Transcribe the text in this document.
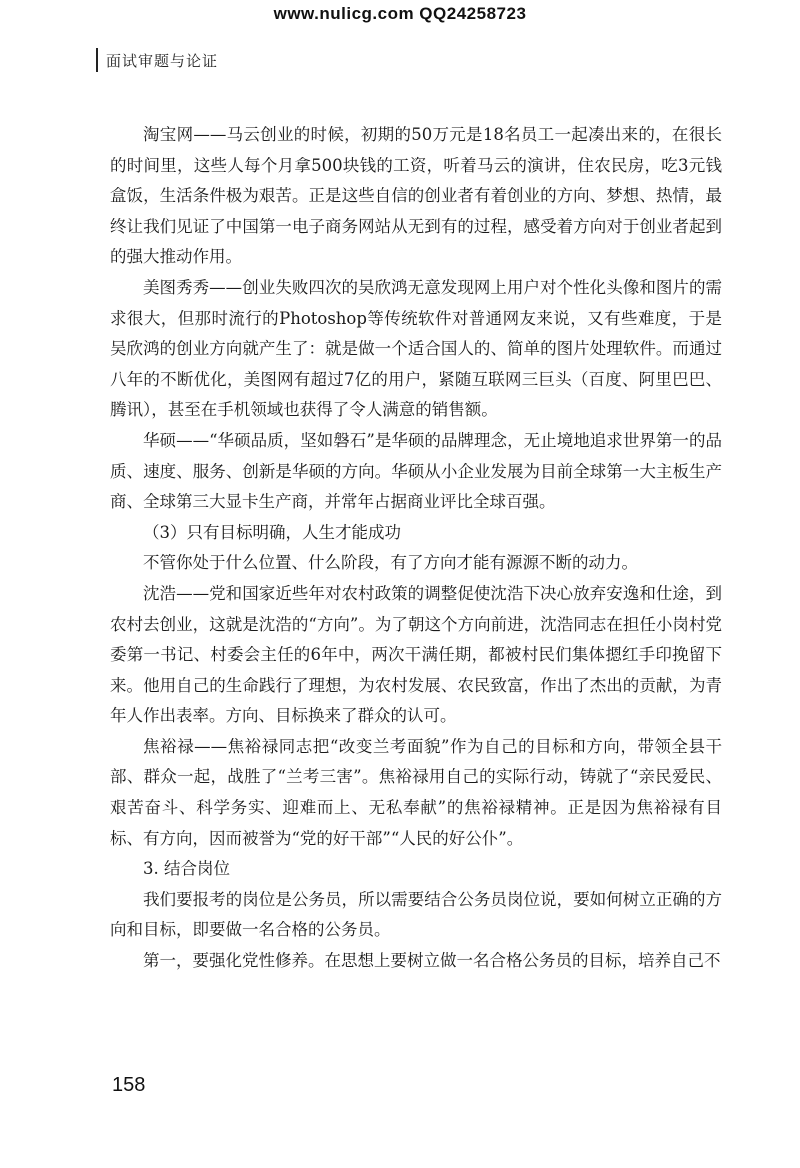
www.nulicg.com QQ24258723
面试审题与论证

淘宝网——马云创业的时候，初期的50万元是18名员工一起凑出来的，在很长的时间里，这些人每个月拿500块钱的工资，听着马云的演讲，住农民房，吃3元钱盒饭，生活条件极为艰苦。正是这些自信的创业者有着创业的方向、梦想、热情，最终让我们见证了中国第一电子商务网站从无到有的过程，感受着方向对于创业者起到的强大推动作用。

美图秀秀——创业失败四次的吴欣鸿无意发现网上用户对个性化头像和图片的需求很大，但那时流行的Photoshop等传统软件对普通网友来说，又有些难度，于是吴欣鸿的创业方向就产生了：就是做一个适合国人的、简单的图片处理软件。而通过八年的不断优化，美图网有超过7亿的用户，紧随互联网三巨头（百度、阿里巴巴、腾讯），甚至在手机领域也获得了令人满意的销售额。

华硕——“华硕品质，坚如磐石”是华硕的品牌理念，无止境地追求世界第一的品质、速度、服务、创新是华硕的方向。华硕从小企业发展为目前全球第一大主板生产商、全球第三大显卡生产商，并常年占据商业评比全球百强。

（3）只有目标明确，人生才能成功

不管你处于什么位置、什么阶段，有了方向才能有源源不断的动力。

沈浩——党和国家近些年对农村政策的调整促使沈浩下决心放弃安逸和仕途，到农村去创业，这就是沈浩的“方向”。为了朝这个方向前进，沈浩同志在担任小岗村党委第一书记、村委会主任的6年中，两次干满任期，都被村民们集体摁红手印挽留下来。他用自己的生命践行了理想，为农村发展、农民致富，作出了杰出的贡献，为青年人作出表率。方向、目标换来了群众的认可。

焦裕禄——焦裕禄同志把“改变兰考面貌”作为自己的目标和方向，带领全县干部、群众一起，战胜了“兰考三害”。焦裕禄用自己的实际行动，铸就了“亲民爱民、艰苦奋斗、科学务实、迎难而上、无私奉献”的焦裕禄精神。正是因为焦裕禄有目标、有方向，因而被誉为“党的好干部”“人民的好公仆”。

3. 结合岗位

我们要报考的岗位是公务员，所以需要结合公务员岗位说，要如何树立正确的方向和目标，即要做一名合格的公务员。

第一，要强化党性修养。在思想上要树立做一名合格公务员的目标，培养自己不

158
